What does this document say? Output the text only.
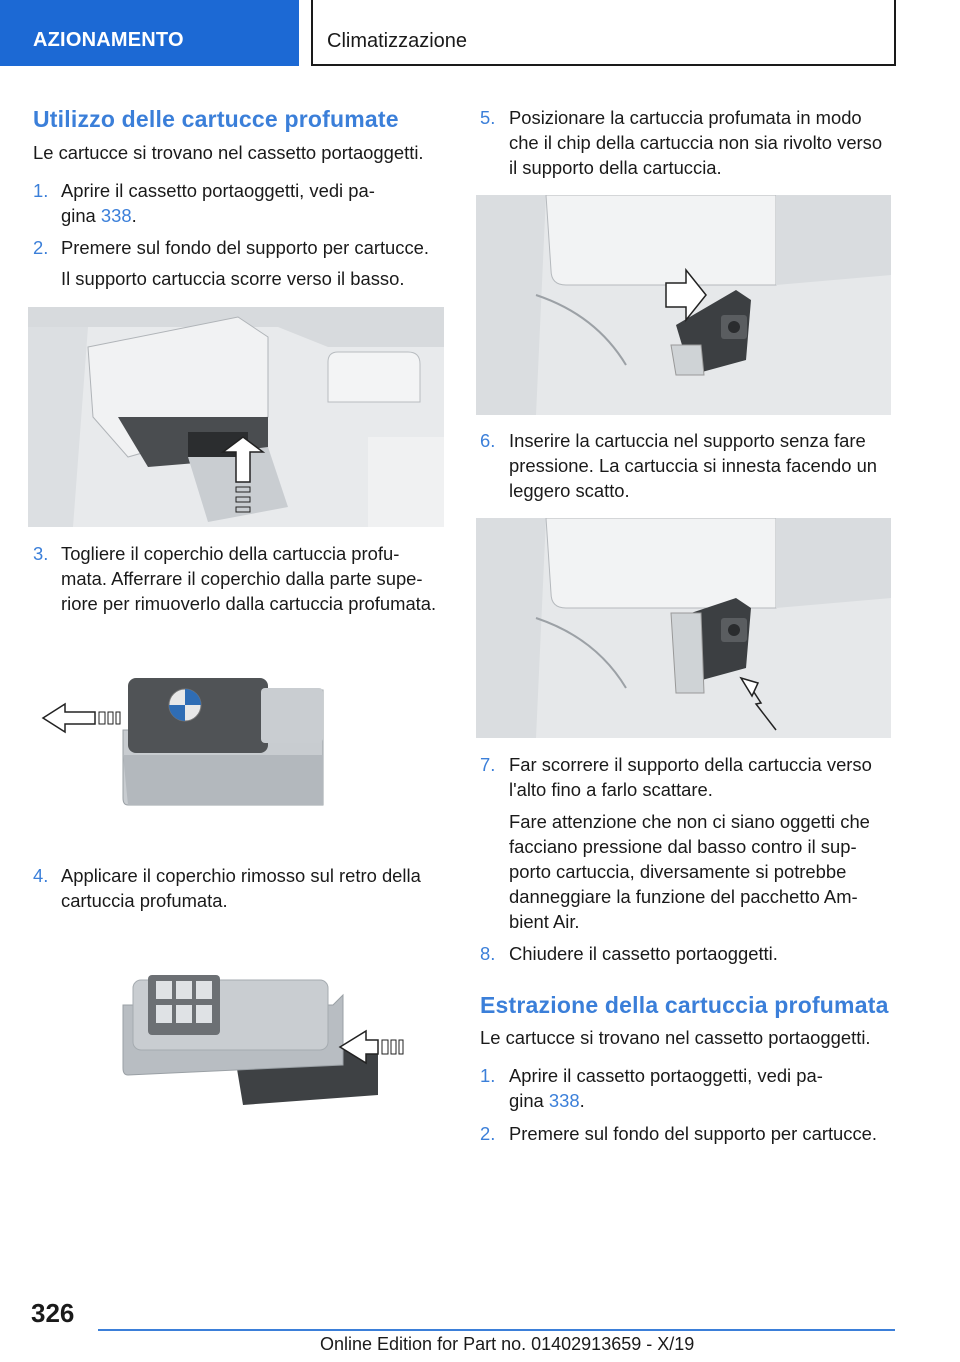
AZIONAMENTO	Climatizzazione
Utilizzo delle cartucce profumate
Le cartucce si trovano nel cassetto portaoggetti.
1. Aprire il cassetto portaoggetti, vedi pa-
gina 338.
2. Premere sul fondo del supporto per cartucce.
Il supporto cartuccia scorre verso il basso.
3. Togliere il coperchio della cartuccia profu-
mata. Afferrare il coperchio dalla parte supe-
riore per rimuoverlo dalla cartuccia profumata.
4. Applicare il coperchio rimosso sul retro della
cartuccia profumata.
5. Posizionare la cartuccia profumata in modo
che il chip della cartuccia non sia rivolto verso
il supporto della cartuccia.
6. Inserire la cartuccia nel supporto senza fare
pressione. La cartuccia si innesta facendo un
leggero scatto.
7. Far scorrere il supporto della cartuccia verso
l'alto fino a farlo scattare.
Fare attenzione che non ci siano oggetti che
facciano pressione dal basso contro il sup-
porto cartuccia, diversamente si potrebbe
danneggiare la funzione del pacchetto Am-
bient Air.
8. Chiudere il cassetto portaoggetti.
Estrazione della cartuccia profumata
Le cartucce si trovano nel cassetto portaoggetti.
1. Aprire il cassetto portaoggetti, vedi pa-
gina 338.
2. Premere sul fondo del supporto per cartucce.
326
Online Edition for Part no. 01402913659 - X/19
